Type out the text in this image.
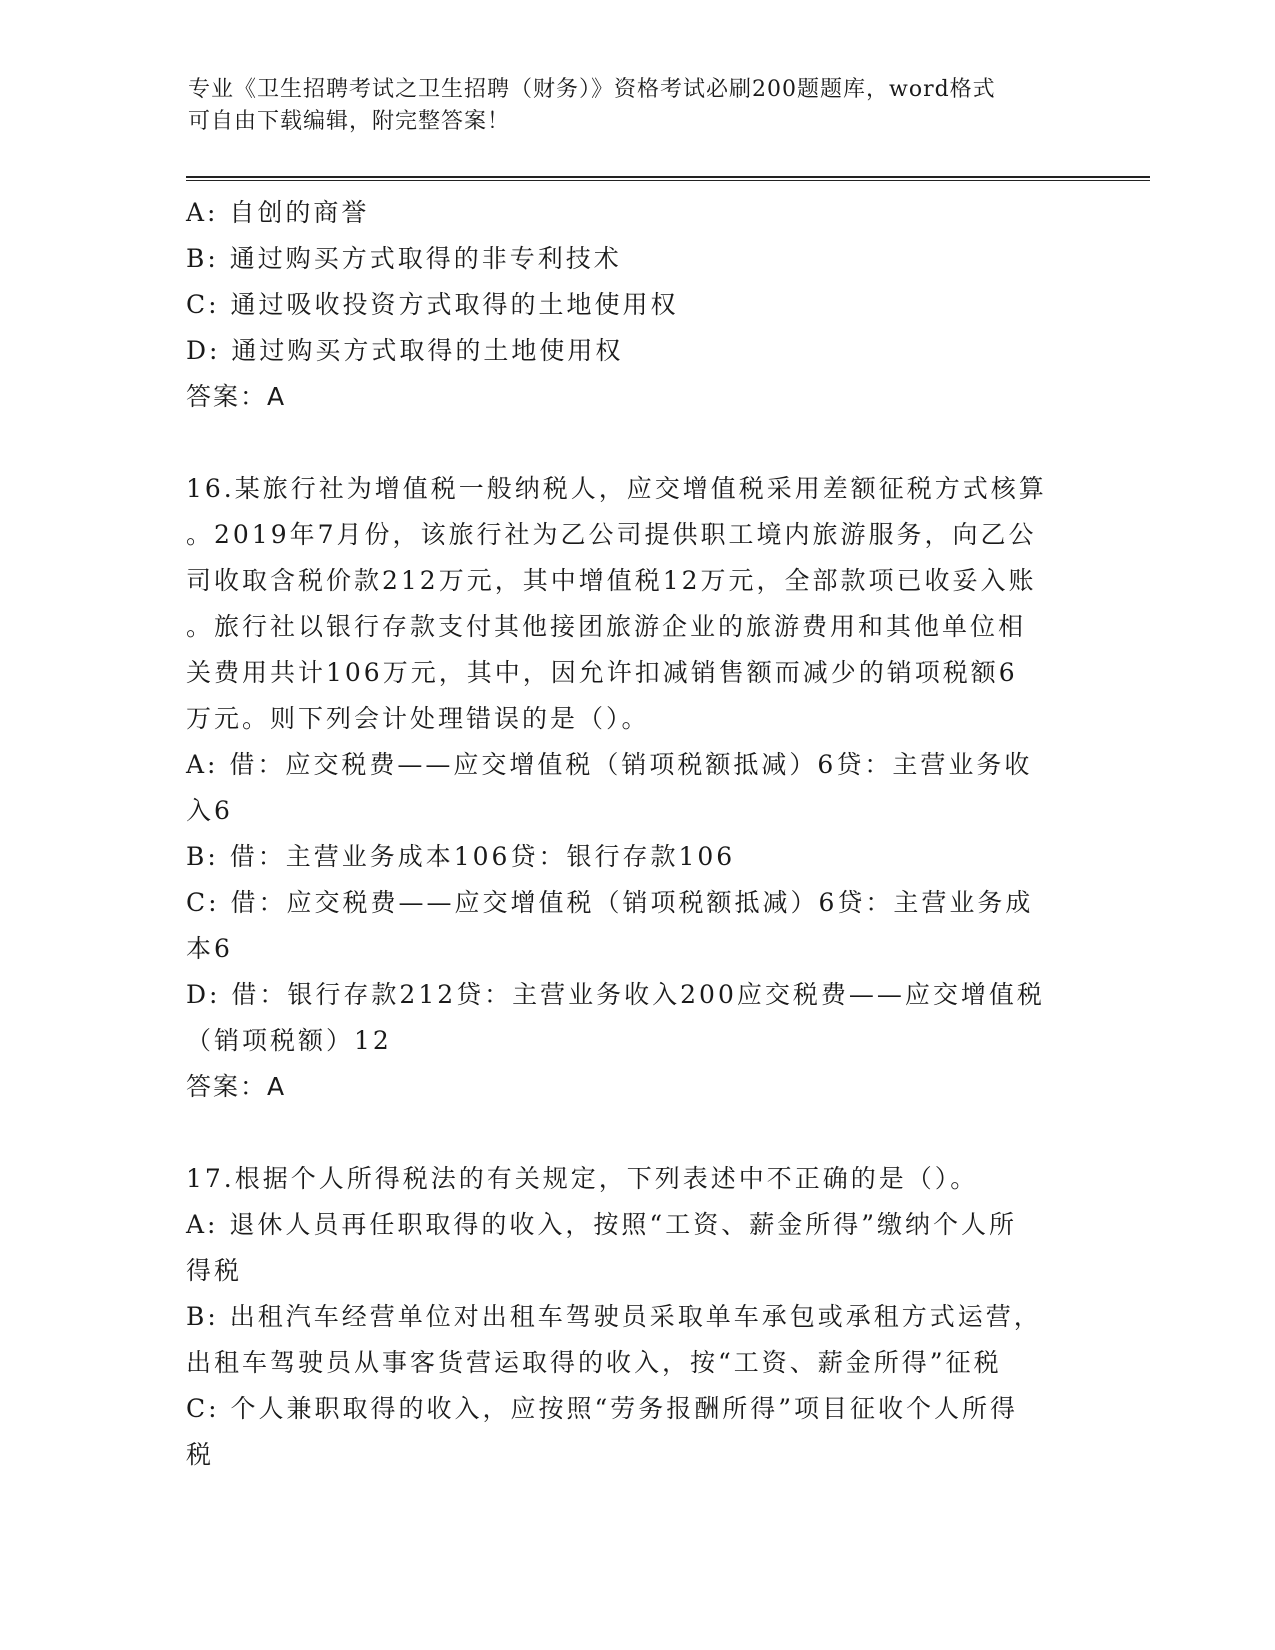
专业《卫生招聘考试之卫生招聘（财务）》资格考试必刷200题题库，word格式
可自由下载编辑，附完整答案！
A: 自创的商誉
B: 通过购买方式取得的非专利技术
C: 通过吸收投资方式取得的土地使用权
D: 通过购买方式取得的土地使用权
答案：A
16.某旅行社为增值税一般纳税人，应交增值税采用差额征税方式核算
。2019年7月份，该旅行社为乙公司提供职工境内旅游服务，向乙公
司收取含税价款212万元，其中增值税12万元，全部款项已收妥入账
。旅行社以银行存款支付其他接团旅游企业的旅游费用和其他单位相
关费用共计106万元，其中，因允许扣减销售额而减少的销项税额6
万元。则下列会计处理错误的是（）。
A: 借：应交税费——应交增值税（销项税额抵减）6贷：主营业务收
入6
B: 借：主营业务成本106贷：银行存款106
C: 借：应交税费——应交增值税（销项税额抵减）6贷：主营业务成
本6
D: 借：银行存款212贷：主营业务收入200应交税费——应交增值税
（销项税额）12
答案：A
17.根据个人所得税法的有关规定，下列表述中不正确的是（）。
A: 退休人员再任职取得的收入，按照“工资、薪金所得”缴纳个人所
得税
B: 出租汽车经营单位对出租车驾驶员采取单车承包或承租方式运营，
出租车驾驶员从事客货营运取得的收入，按“工资、薪金所得”征税
C: 个人兼职取得的收入，应按照“劳务报酬所得”项目征收个人所得
税
